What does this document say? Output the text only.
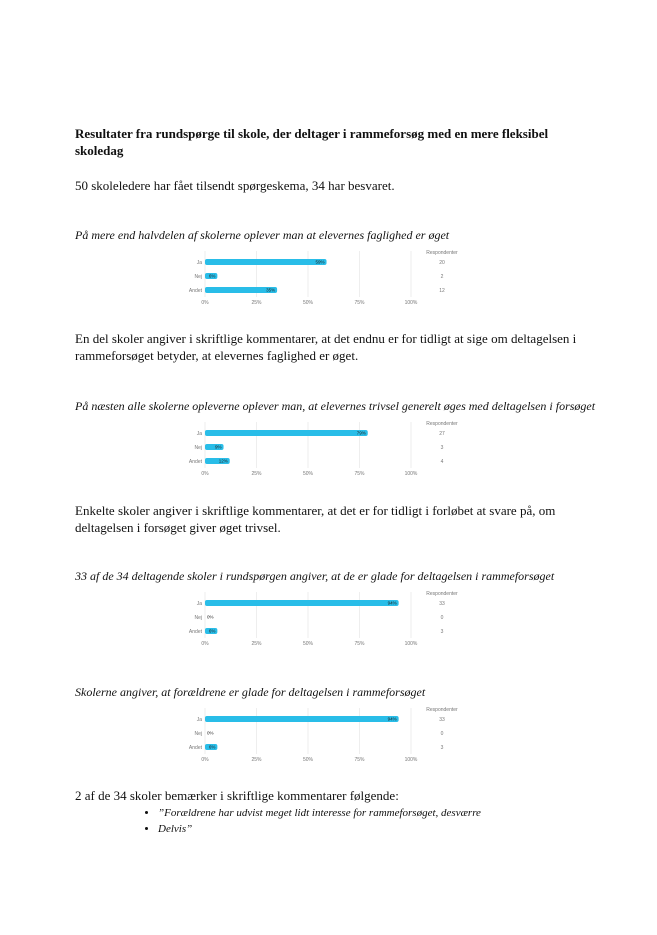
Resultater fra rundspørge til skole, der deltager i rammeforsøg med en mere fleksibel skoledag
50 skoleledere har fået tilsendt spørgeskema, 34 har besvaret.
På mere end halvdelen af skolerne oplever man at elevernes faglighed er øget
0%	25%	50%	75%	100%
Respondenter
Ja	59%	20
Nej 6%	2
Andet	35%	12
En del skoler angiver i skriftlige kommentarer, at det endnu er for tidligt at sige om deltagelsen i rammeforsøget betyder, at elevernes faglighed er øget.
På næsten alle skolerne opleverne oplever man, at elevernes trivsel generelt øges med deltagelsen i forsøget
0%	25%	50%	75%	100%
Respondenter
Ja	79%	27
Nej	9%	3
Andet	12%	4
Enkelte skoler angiver i skriftlige kommentarer, at det er for tidligt i forløbet at svare på, om deltagelsen i forsøget giver øget trivsel.
33 af de 34 deltagende skoler i rundspørgen angiver, at de er glade for deltagelsen i rammeforsøget
0%	25%	50%	75%	100%
Respondenter
Ja	94%	33
Nej 0%	0
Andet 6%	3
Skolerne angiver, at forældrene er glade for deltagelsen i rammeforsøget
0%	25%	50%	75%	100%
Respondenter
Ja	94%	33
Nej 0%	0
Andet 6%	3
2 af de 34 skoler bemærker i skriftlige kommentarer følgende:
• ”Forældrene har udvist meget lidt interesse for rammeforsøget, desværre
• Delvis”
